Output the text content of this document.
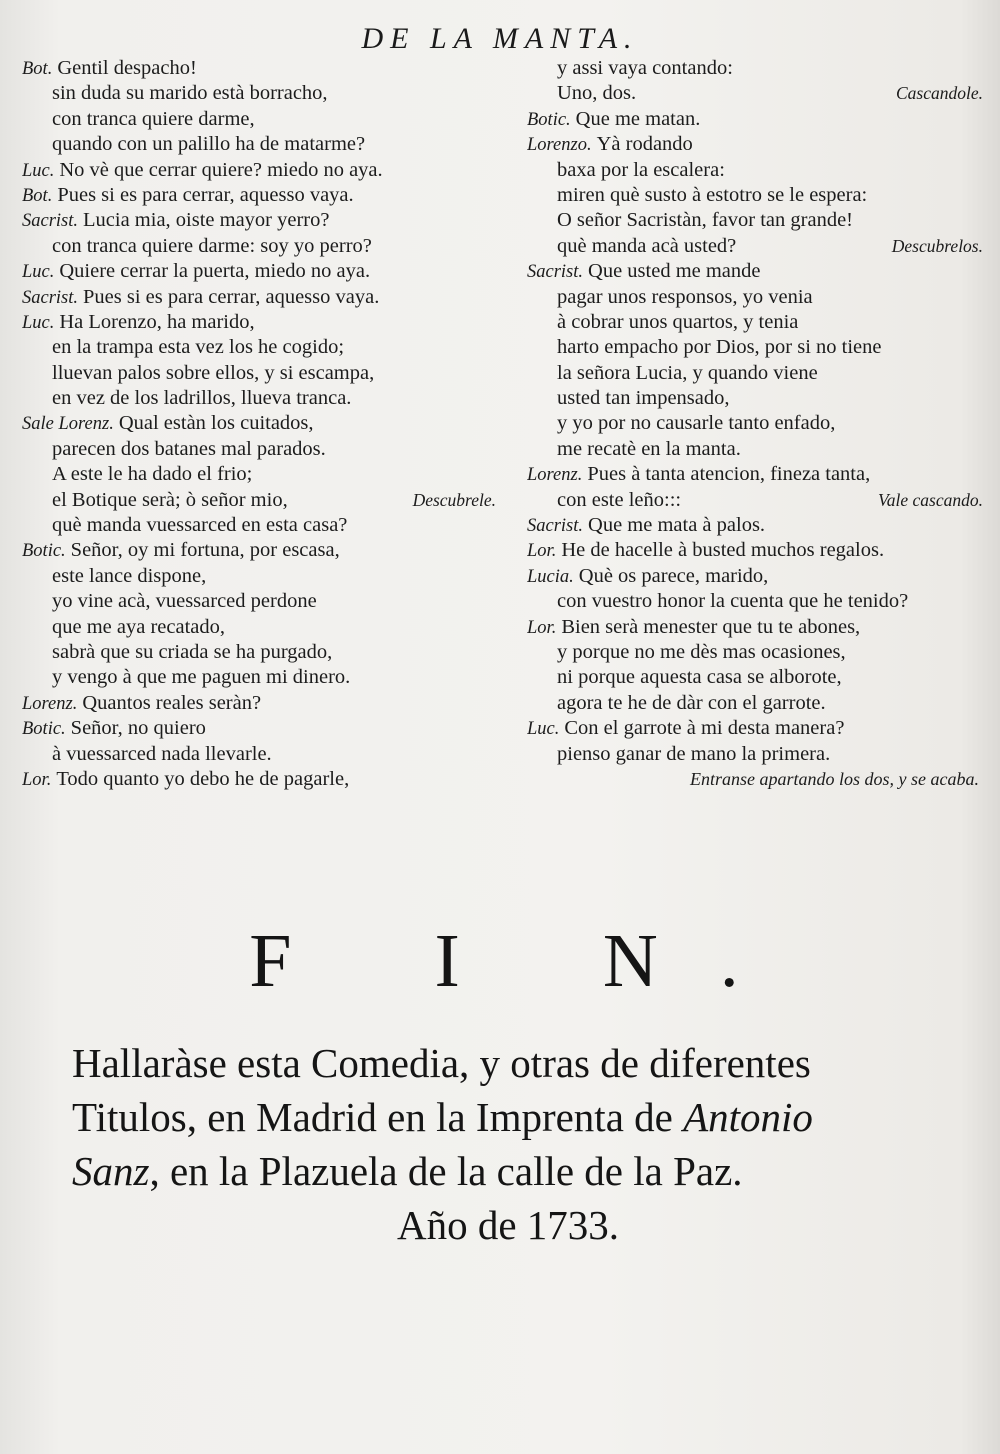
DE LA MANTA.
Bot. Gentil despacho!
sin duda su marido està borracho,
con tranca quiere darme,
quando con un palillo ha de matarme?
Luc. No vè que cerrar quiere? miedo no aya.
Bot. Pues si es para cerrar, aquesso vaya.
Sacrist. Lucia mia, oiste mayor yerro?
con tranca quiere darme: soy yo perro?
Luc. Quiere cerrar la puerta, miedo no aya.
Sacrist. Pues si es para cerrar, aquesso vaya.
Luc. Ha Lorenzo, ha marido,
en la trampa esta vez los he cogido;
lluevan palos sobre ellos, y si escampa,
en vez de los ladrillos, llueva tranca.
Sale Lorenz. Qual estàn los cuitados,
parecen dos batanes mal parados.
A este le ha dado el frio;
Descubrele.
el Botique serà; ò señor mio,
què manda vuessarced en esta casa?
Botic. Señor, oy mi fortuna, por escasa,
este lance dispone,
yo vine acà, vuessarced perdone
que me aya recatado,
sabrà que su criada se ha purgado,
y vengo à que me paguen mi dinero.
Lorenz. Quantos reales seràn?
Botic. Señor, no quiero
à vuessarced nada llevarle.
Lor. Todo quanto yo debo he de pagarle,
y assi vaya contando:
Cascandole.
Uno, dos.
Botic. Que me matan.
Lorenzo. Yà rodando
baxa por la escalera:
miren què susto à estotro se le espera:
O señor Sacristàn, favor tan grande!
Descubrelos.
què manda acà usted?
Sacrist. Que usted me mande
pagar unos responsos, yo venia
à cobrar unos quartos, y tenia
harto empacho por Dios, por si no tiene
la señora Lucia, y quando viene
usted tan impensado,
y yo por no causarle tanto enfado,
me recatè en la manta.
Lorenz. Pues à tanta atencion, fineza tanta,
Vale cascando.
con este leño:::
Sacrist. Que me mata à palos.
Lor. He de hacelle à busted muchos regalos.
Lucia. Què os parece, marido,
con vuestro honor la cuenta que he tenido?
Lor. Bien serà menester que tu te abones,
y porque no me dès mas ocasiones,
ni porque aquesta casa se alborote,
agora te he de dàr con el garrote.
Luc. Con el garrote à mi desta manera?
pienso ganar de mano la primera.
Entranse apartando los dos, y se acaba.
F I N.
Hallaràse esta Comedia, y otras de diferentes
Titulos, en Madrid en la Imprenta de Antonio
Sanz, en la Plazuela de la calle de la Paz.
Año de 1733.
